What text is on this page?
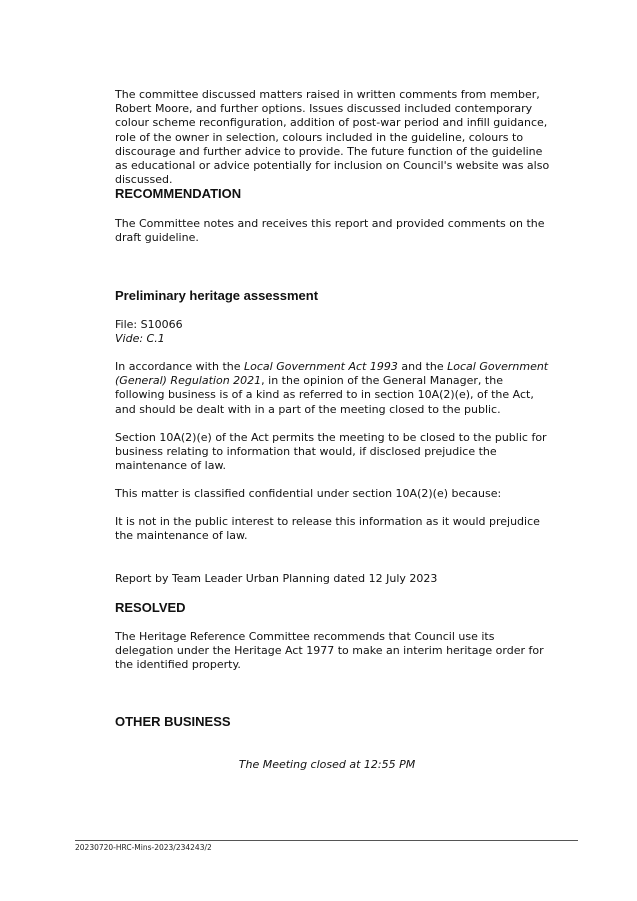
The committee discussed matters raised in written comments from member, Robert Moore, and further options. Issues discussed included contemporary colour scheme reconfiguration, addition of post-war period and infill guidance, role of the owner in selection, colours included in the guideline, colours to discourage and further advice to provide. The future function of the guideline as educational or advice potentially for inclusion on Council's website was also discussed.

RECOMMENDATION

The Committee notes and receives this report and provided comments on the draft guideline.

Preliminary heritage assessment

File: S10066

Vide: C.1

In accordance with the Local Government Act 1993 and the Local Government (General) Regulation 2021, in the opinion of the General Manager, the following business is of a kind as referred to in section 10A(2)(e), of the Act, and should be dealt with in a part of the meeting closed to the public.

Section 10A(2)(e) of the Act permits the meeting to be closed to the public for business relating to information that would, if disclosed prejudice the maintenance of law.

This matter is classified confidential under section 10A(2)(e) because:

It is not in the public interest to release this information as it would prejudice the maintenance of law.

Report by Team Leader Urban Planning dated 12 July 2023

RESOLVED

The Heritage Reference Committee recommends that Council use its delegation under the Heritage Act 1977 to make an interim heritage order for the identified property.

OTHER BUSINESS

The Meeting closed at 12:55 PM

20230720-HRC-Mins-2023/234243/2
